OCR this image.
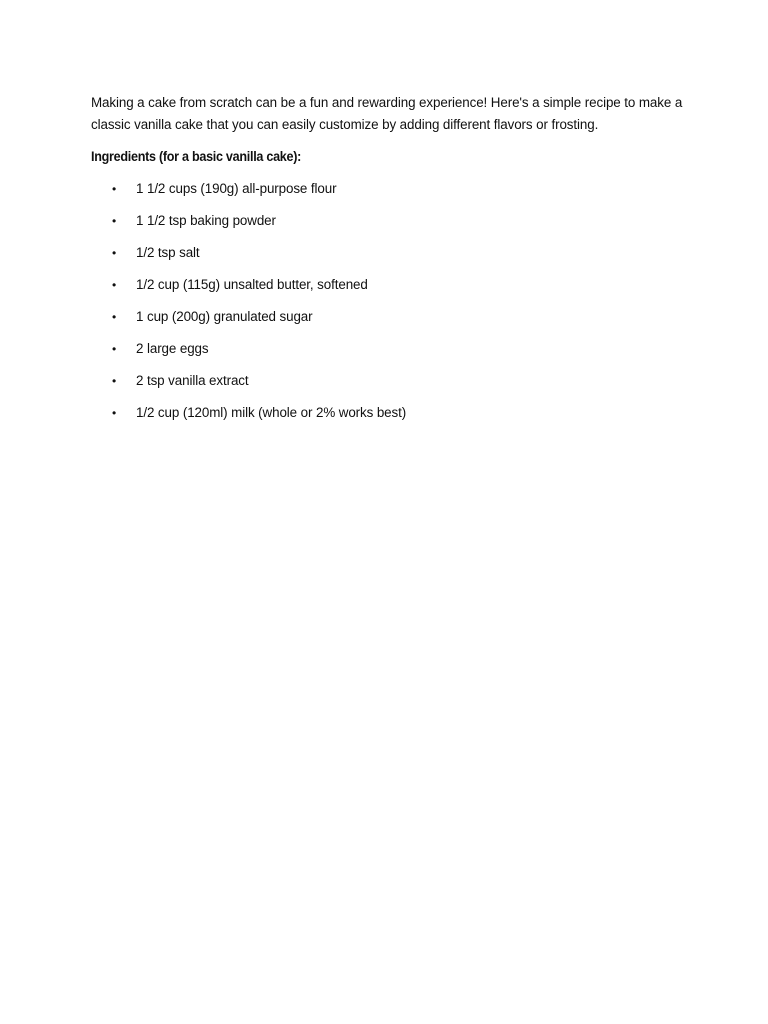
Making a cake from scratch can be a fun and rewarding experience! Here's a simple recipe to make a classic vanilla cake that you can easily customize by adding different flavors or frosting.

Ingredients (for a basic vanilla cake):

• 1 1/2 cups (190g) all-purpose flour
• 1 1/2 tsp baking powder
• 1/2 tsp salt
• 1/2 cup (115g) unsalted butter, softened
• 1 cup (200g) granulated sugar
• 2 large eggs
• 2 tsp vanilla extract
• 1/2 cup (120ml) milk (whole or 2% works best)
